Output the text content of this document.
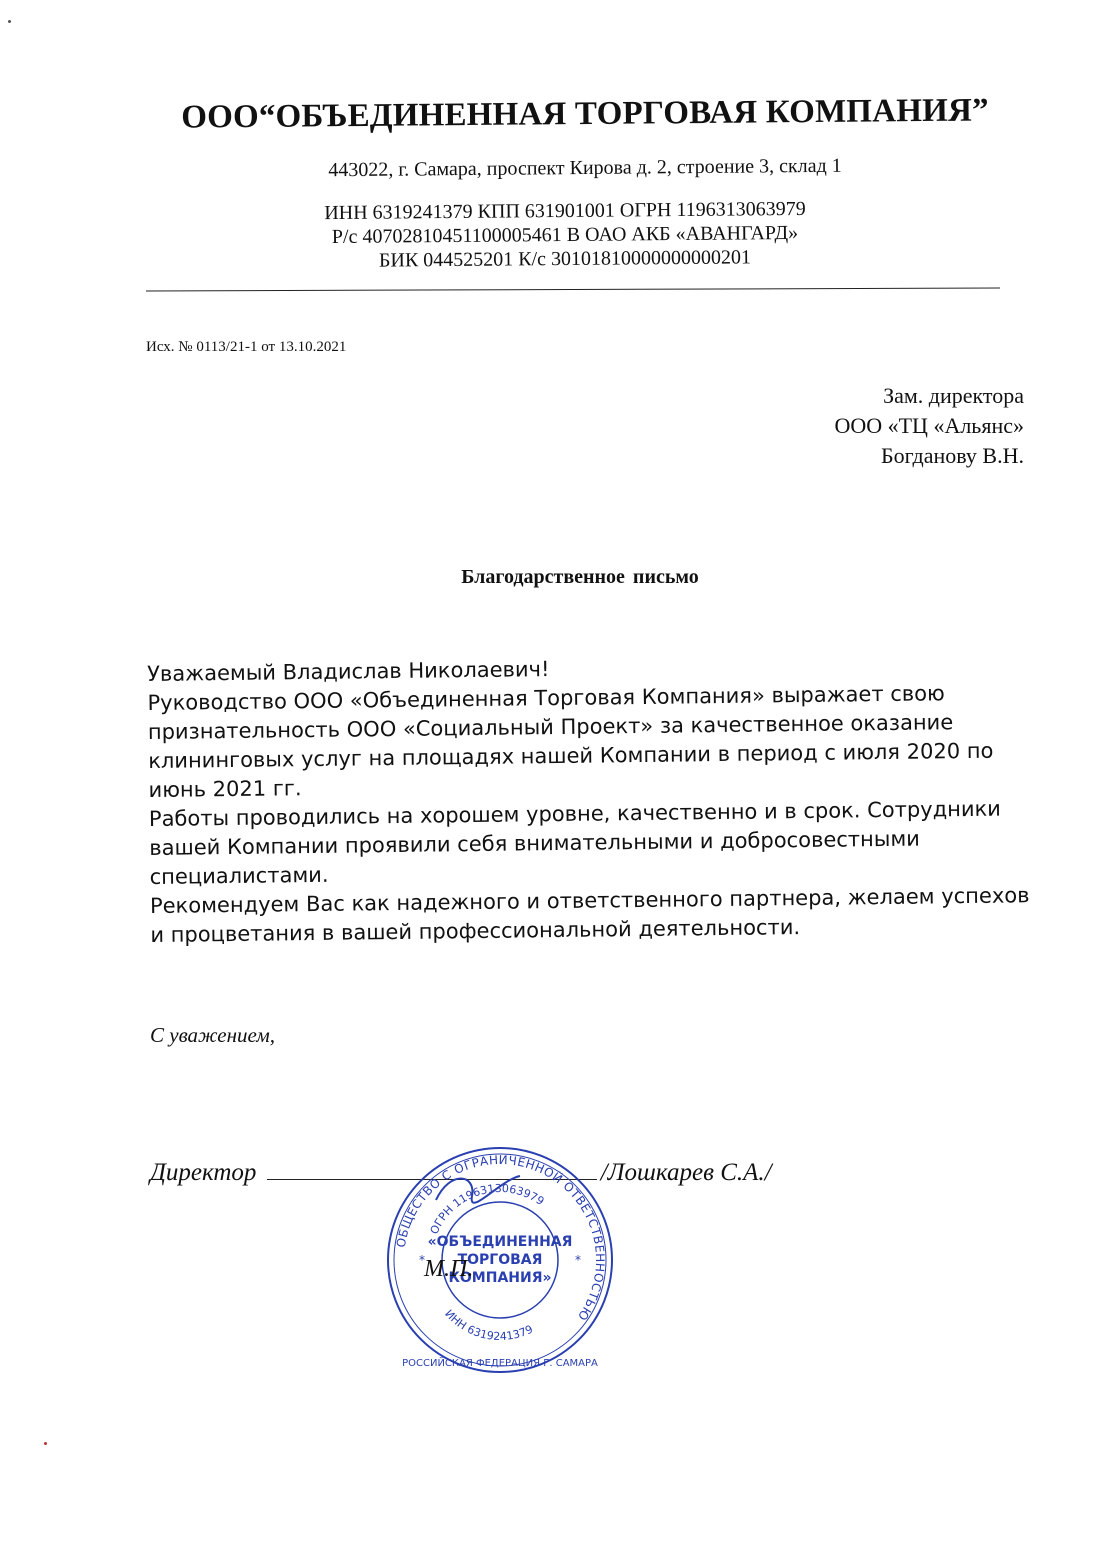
ООО“ОБЪЕДИНЕННАЯ ТОРГОВАЯ КОМПАНИЯ”
443022, г. Самара, проспект Кирова д. 2, строение 3, склад 1
ИНН 6319241379 КПП 631901001 ОГРН 1196313063979
Р/с 40702810451100005461 В ОАО АКБ «АВАНГАРД»
БИК 044525201 К/с 30101810000000000201
Исх. № 0113/21-1 от 13.10.2021
Зам. директора
ООО «ТЦ «Альянс»
Богданову В.Н.
Благодарственное письмо

Уважаемый Владислав Николаевич!

Руководство ООО «Объединенная Торговая Компания» выражает свою

признательность ООО «Социальный Проект» за качественное оказание

клининговых услуг на площадях нашей Компании в период с июля 2020 по

июнь 2021 гг.

Работы проводились на хорошем уровне, качественно и в срок. Сотрудники

вашей Компании проявили себя внимательными и добросовестными

специалистами.

Рекомендуем Вас как надежного и ответственного партнера, желаем успехов

и процветания в вашей профессиональной деятельности.

С уважением,
Директор	/Лошкарев С.А./
ОБЩЕСТВО С ОГРАНИЧЕННОЙ ОТВЕТСТВЕННОСТЬЮ
ОГРН 1196313063979
ИНН 6319241379
РОССИЙСКАЯ ФЕДЕРАЦИЯ Г. САМАРА
«ОБЪЕДИНЕННАЯ
ТОРГОВАЯ
КОМПАНИЯ»
*	*
М.П.
